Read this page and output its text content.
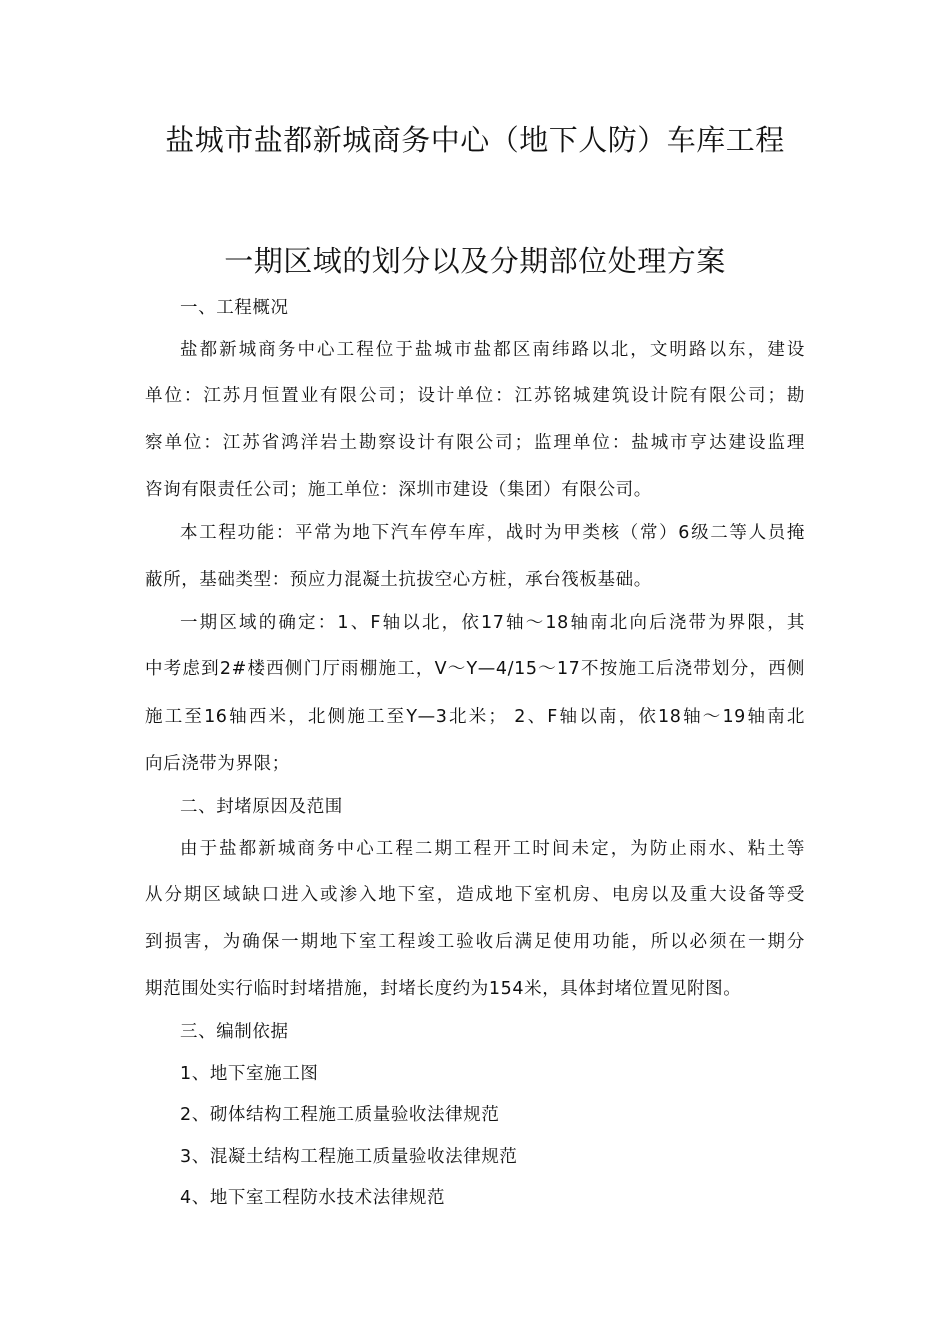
盐城市盐都新城商务中心（地下人防）车库工程
一期区域的划分以及分期部位处理方案
一、工程概况
盐都新城商务中心工程位于盐城市盐都区南纬路以北，文明路以东，建设
单位：江苏月恒置业有限公司；设计单位：江苏铭城建筑设计院有限公司；勘
察单位：江苏省鸿洋岩土勘察设计有限公司；监理单位：盐城市亨达建设监理
咨询有限责任公司；施工单位：深圳市建设（集团）有限公司。
本工程功能：平常为地下汽车停车库，战时为甲类核（常）6级二等人员掩
蔽所，基础类型：预应力混凝土抗拔空心方桩，承台筏板基础。
一期区域的确定：1、F轴以北，依17轴～18轴南北向后浇带为界限，其
中考虑到2#楼西侧门厅雨棚施工，V～Y—4/15～17不按施工后浇带划分，西侧
施工至16轴西米，北侧施工至Y—3北米； 2、F轴以南，依18轴～19轴南北
向后浇带为界限；
二、封堵原因及范围
由于盐都新城商务中心工程二期工程开工时间未定，为防止雨水、粘土等
从分期区域缺口进入或渗入地下室，造成地下室机房、电房以及重大设备等受
到损害，为确保一期地下室工程竣工验收后满足使用功能，所以必须在一期分
期范围处实行临时封堵措施，封堵长度约为154米，具体封堵位置见附图。
三、编制依据
1、地下室施工图
2、砌体结构工程施工质量验收法律规范
3、混凝土结构工程施工质量验收法律规范
4、地下室工程防水技术法律规范
